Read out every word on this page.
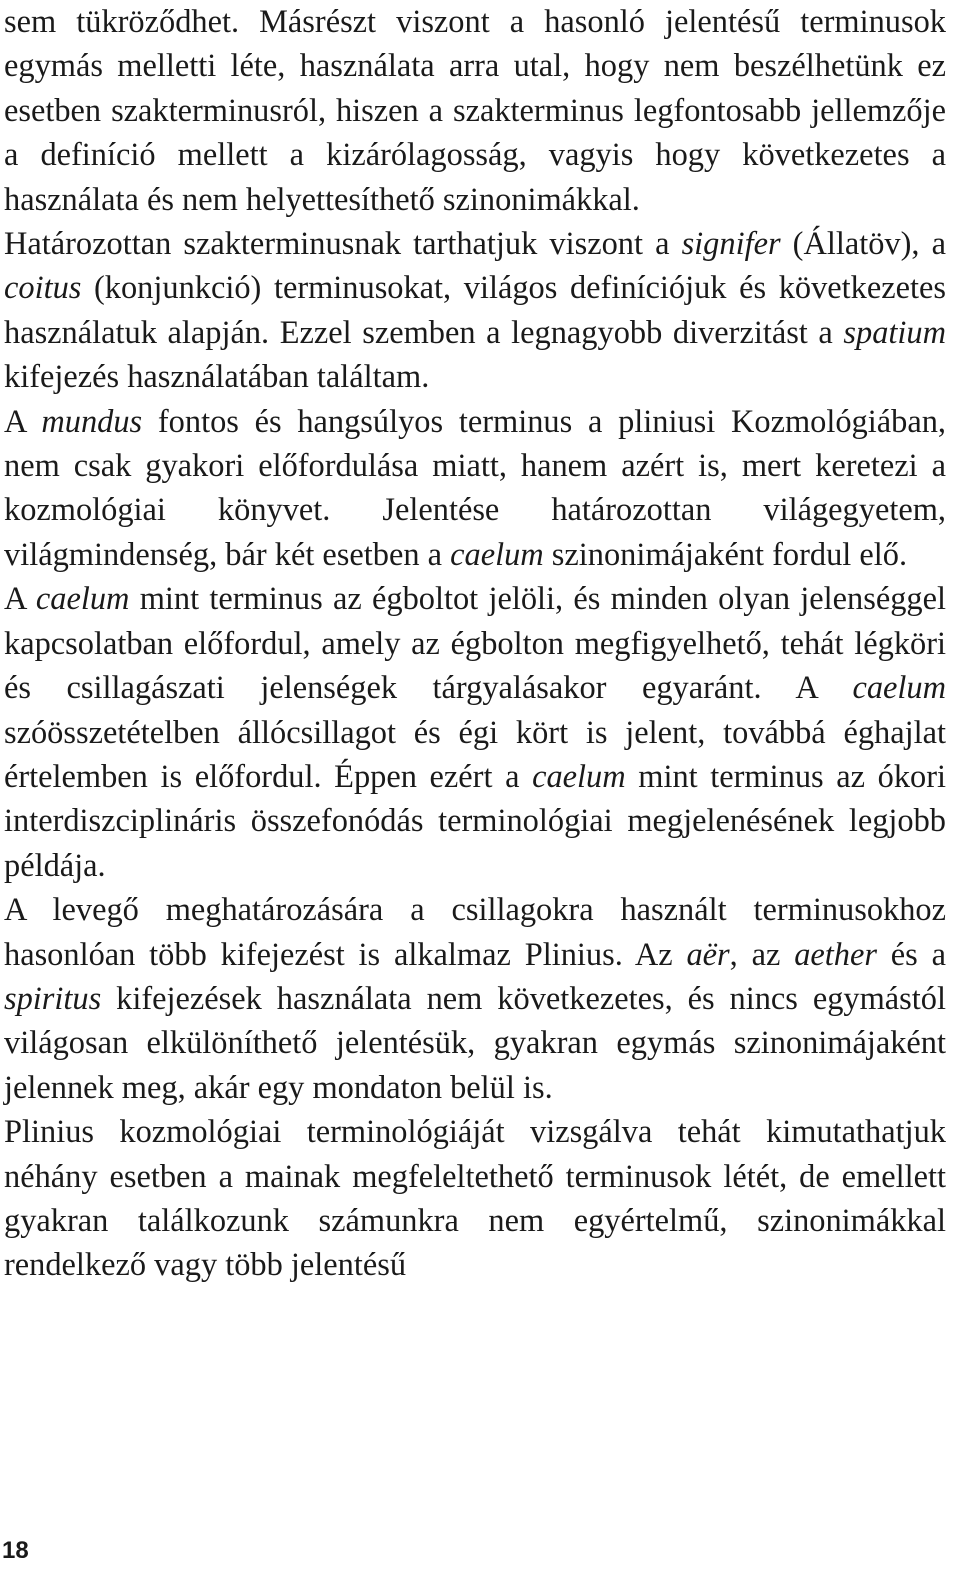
sem tükröződhet. Másrészt viszont a hasonló jelentésű terminusok egymás melletti léte, használata arra utal, hogy nem beszélhetünk ez esetben szakterminusról, hiszen a szakterminus legfontosabb jellemzője a definíció mellett a kizárólagosság, vagyis hogy következetes a használata és nem helyettesíthető szinonimákkal.

Határozottan szakterminusnak tarthatjuk viszont a signifer (Állatöv), a coitus (konjunkció) terminusokat, világos definíciójuk és következetes használatuk alapján. Ezzel szemben a legnagyobb diverzitást a spatium kifejezés használatában találtam.

A mundus fontos és hangsúlyos terminus a pliniusi Kozmológiában, nem csak gyakori előfordulása miatt, hanem azért is, mert keretezi a kozmológiai könyvet. Jelentése határozottan világegyetem, világmindenség, bár két esetben a caelum szinonimájaként fordul elő.

A caelum mint terminus az égboltot jelöli, és minden olyan jelenséggel kapcsolatban előfordul, amely az égbolton megfigyelhető, tehát légköri és csillagászati jelenségek tárgyalásakor egyaránt. A caelum szóösszetételben állócsillagot és égi kört is jelent, továbbá éghajlat értelemben is előfordul. Éppen ezért a caelum mint terminus az ókori interdiszciplináris összefonódás terminológiai megjelenésének legjobb példája.

A levegő meghatározására a csillagokra használt terminusokhoz hasonlóan több kifejezést is alkalmaz Plinius. Az aër, az aether és a spiritus kifejezések használata nem következetes, és nincs egymástól világosan elkülöníthető jelentésük, gyakran egymás szinonimájaként jelennek meg, akár egy mondaton belül is.

Plinius kozmológiai terminológiáját vizsgálva tehát kimutathatjuk néhány esetben a mainak megfeleltethető terminusok létét, de emellett gyakran találkozunk számunkra nem egyértelmű, szinonimákkal rendelkező vagy több jelentésű

18
